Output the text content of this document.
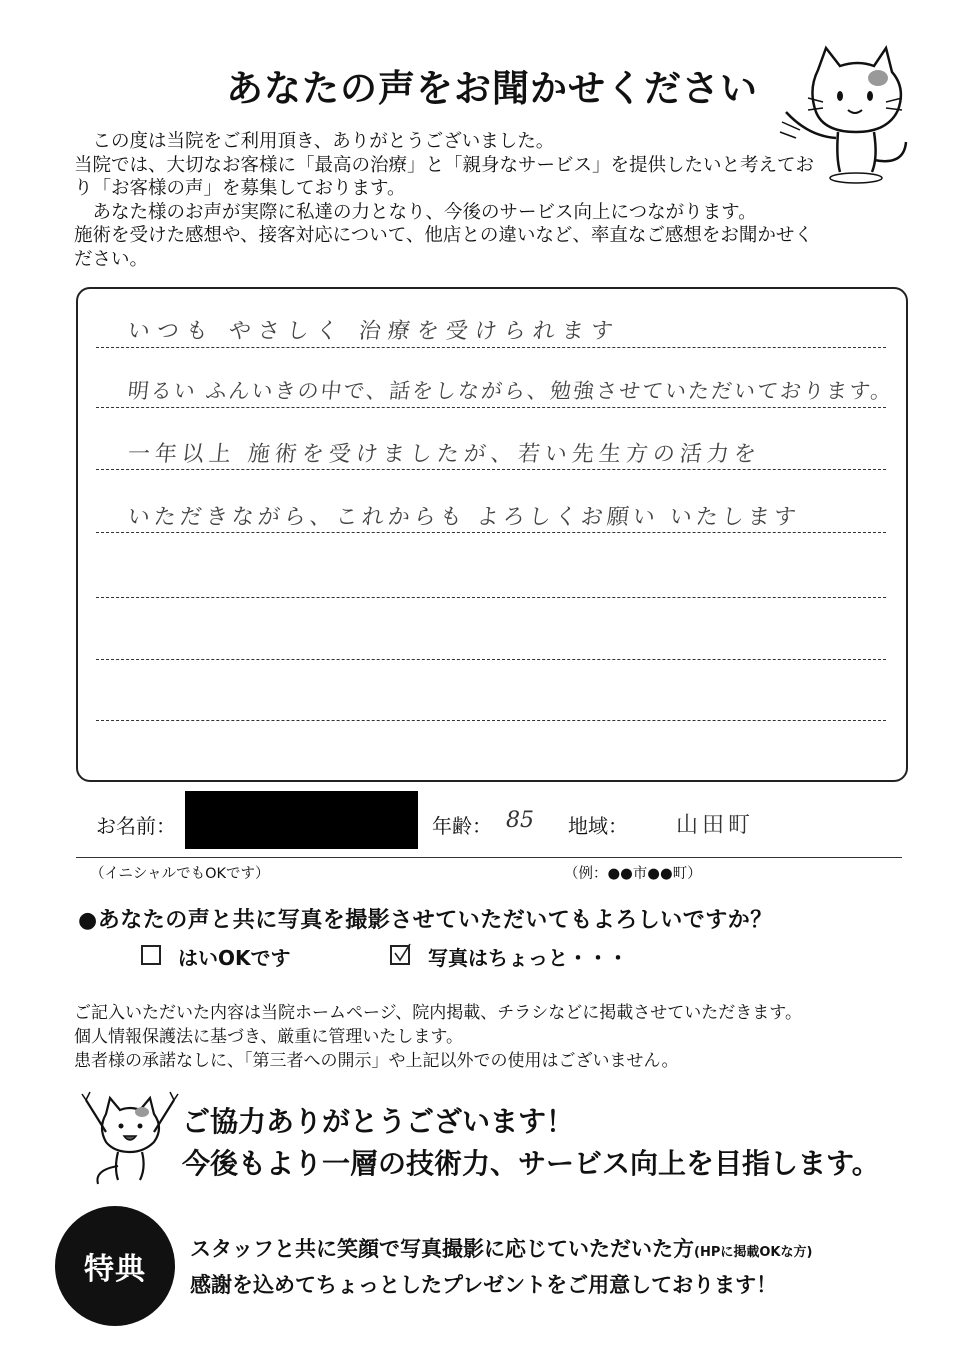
あなたの声をお聞かせください

　この度は当院をご利用頂き、ありがとうございました。

当院では、大切なお客様に「最高の治療」と「親身なサービス」を提供したいと考えてお

り「お客様の声」を募集しております。

　あなた様のお声が実際に私達の力となり、今後のサービス向上につながります。

施術を受けた感想や、接客対応について、他店との違いなど、率直なご感想をお聞かせく

ださい。

いつも やさしく 治療を受けられます
明るい ふんいきの中で、話をしながら、勉強させていただいております。
一年以上 施術を受けましたが、若い先生方の活力を
いただきながら、これからも よろしくお願い いたします
お名前：	年齢： 85 地域： 山田町
（イニシャルでもOKです）	（例：●●市●●町）
●あなたの声と共に写真を撮影させていただいてもよろしいですか？
はいOKです	写真はちょっと・・・

ご記入いただいた内容は当院ホームページ、院内掲載、チラシなどに掲載させていただきます。

個人情報保護法に基づき、厳重に管理いたします。

患者様の承諾なしに、「第三者への開示」や上記以外での使用はございません。

ご協力ありがとうございます！
今後もより一層の技術力、サービス向上を目指します。
特典
スタッフと共に笑顔で写真撮影に応じていただいた方(HPに掲載OKな方)
感謝を込めてちょっとしたプレゼントをご用意しております！
